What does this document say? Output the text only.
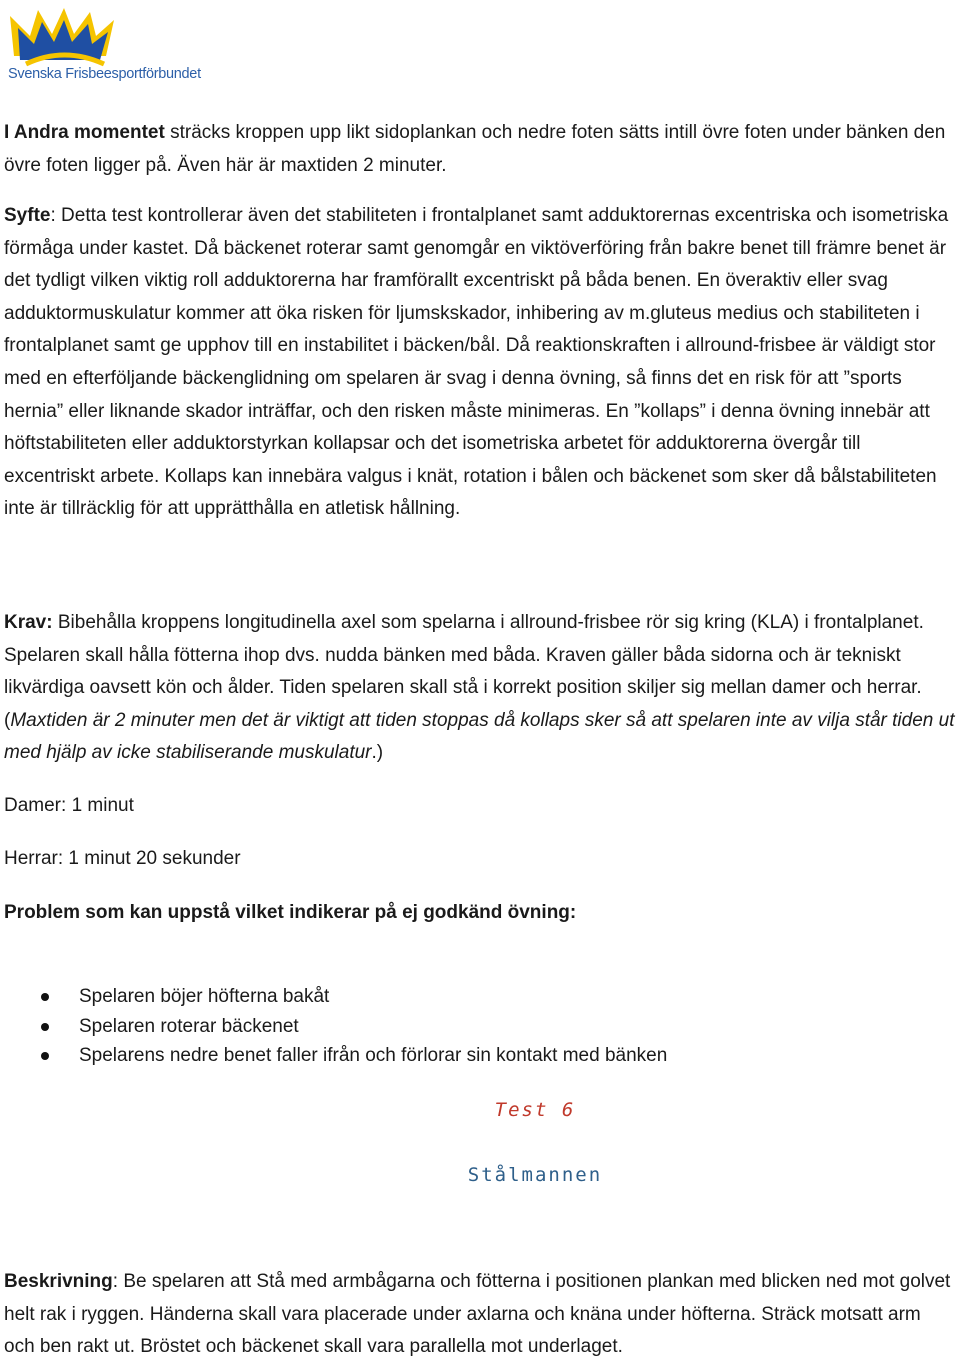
Svenska Frisbeesportförbundet

I Andra momentet sträcks kroppen upp likt sidoplankan och nedre foten sätts intill övre foten under bänken den övre foten ligger på. Även här är maxtiden 2 minuter.

Syfte: Detta test kontrollerar även det stabiliteten i frontalplanet samt adduktorernas excentriska och isometriska förmåga under kastet. Då bäckenet roterar samt genomgår en viktöverföring från bakre benet till främre benet är det tydligt vilken viktig roll adduktorerna har framförallt excentriskt på båda benen. En överaktiv eller svag adduktormuskulatur kommer att öka risken för ljumskskador, inhibering av m.gluteus medius och stabiliteten i frontalplanet samt ge upphov till en instabilitet i bäcken/bål. Då reaktionskraften i allround-frisbee är väldigt stor med en efterföljande bäckenglidning om spelaren är svag i denna övning, så finns det en risk för att ”sports hernia” eller liknande skador inträffar, och den risken måste minimeras. En ”kollaps” i denna övning innebär att höftstabiliteten eller adduktorstyrkan kollapsar och det isometriska arbetet för adduktorerna övergår till excentriskt arbete. Kollaps kan innebära valgus i knät, rotation i bålen och bäckenet som sker då bålstabiliteten inte är tillräcklig för att upprätthålla en atletisk hållning.

Krav: Bibehålla kroppens longitudinella axel som spelarna i allround-frisbee rör sig kring (KLA) i frontalplanet. Spelaren skall hålla fötterna ihop dvs. nudda bänken med båda. Kraven gäller båda sidorna och är tekniskt likvärdiga oavsett kön och ålder. Tiden spelaren skall stå i korrekt position skiljer sig mellan damer och herrar. (Maxtiden är 2 minuter men det är viktigt att tiden stoppas då kollaps sker så att spelaren inte av vilja står tiden ut med hjälp av icke stabiliserande muskulatur.)

Damer: 1 minut

Herrar: 1 minut 20 sekunder

Problem som kan uppstå vilket indikerar på ej godkänd övning:

Spelaren böjer höfterna bakåt
Spelaren roterar bäckenet
Spelarens nedre benet faller ifrån och förlorar sin kontakt med bänken
Test 6
Stålmannen

Beskrivning: Be spelaren att Stå med armbågarna och fötterna i positionen plankan med blicken ned mot golvet helt rak i ryggen. Händerna skall vara placerade under axlarna och knäna under höfterna. Sträck motsatt arm och ben rakt ut. Bröstet och bäckenet skall vara parallella mot underlaget.
